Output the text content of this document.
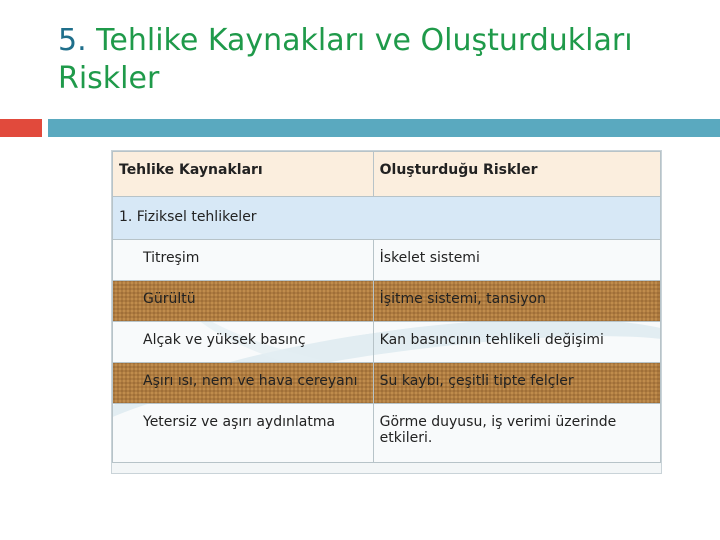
5. Tehlike Kaynakları ve Oluşturdukları Riskler
Tehlike Kaynakları	Oluşturduğu Riskler

1. Fiziksel tehlikeler	

Titreşim	İskelet sistemi

Gürültü	İşitme sistemi, tansiyon

Alçak ve yüksek basınç	Kan basıncının tehlikeli değişimi

Aşırı ısı, nem ve hava cereyanı	Su kaybı, çeşitli tipte felçler

Yetersiz ve aşırı aydınlatma	Görme duyusu, iş verimi üzerinde etkileri.
